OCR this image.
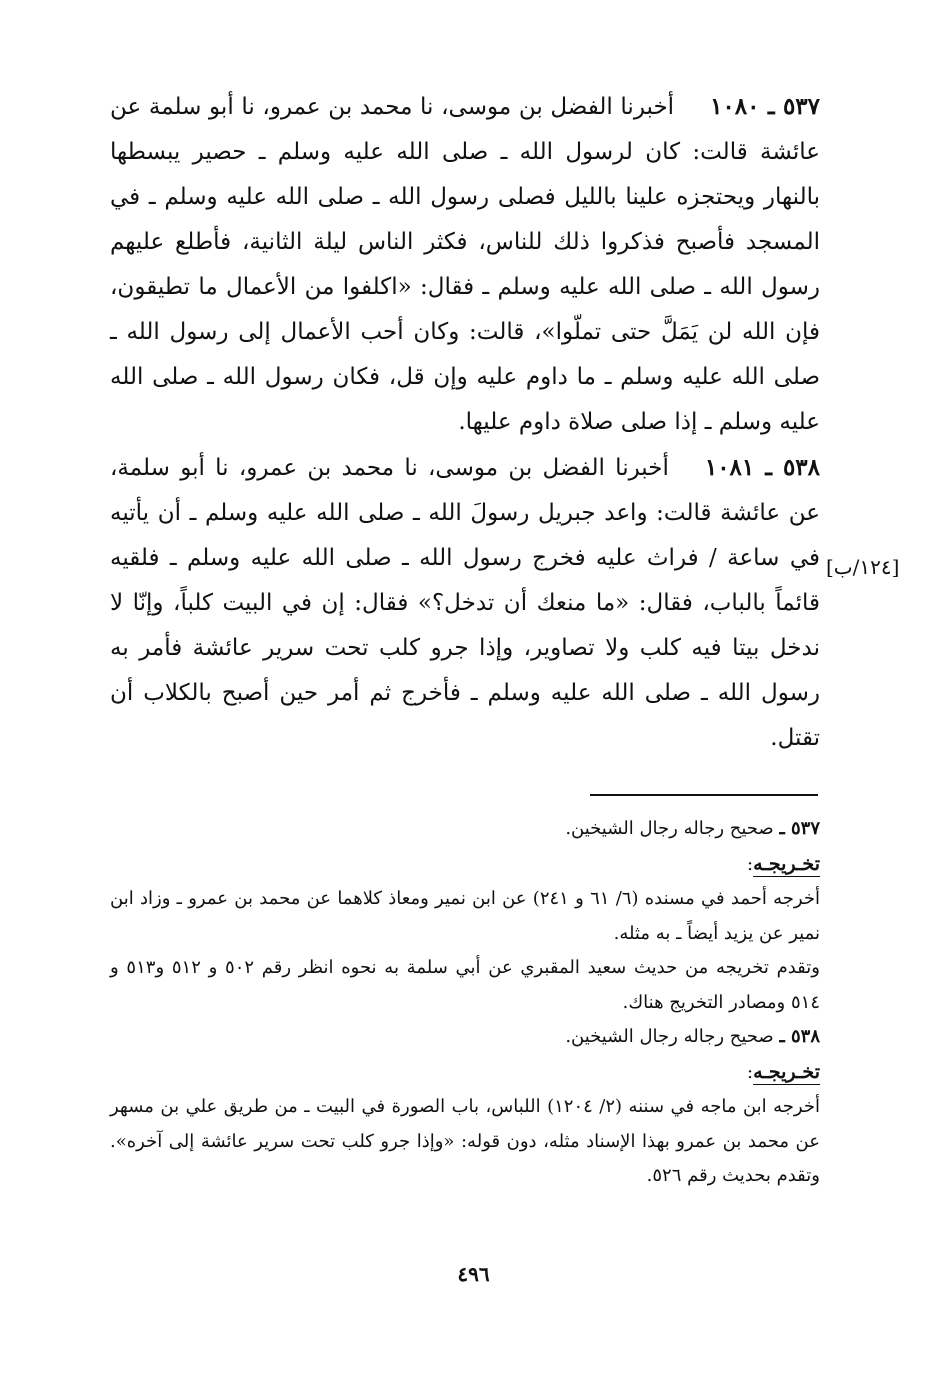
٥٣٧ ـ ١٠٨٠أخبرنا الفضل بن موسى، نا محمد بن عمرو، نا أبو سلمة عن عائشة قالت: كان لرسول الله ـ صلى الله عليه وسلم ـ حصير يبسطها بالنهار ويحتجزه علينا بالليل فصلى رسول الله ـ صلى الله عليه وسلم ـ في المسجد فأصبح فذكروا ذلك للناس، فكثر الناس ليلة الثانية، فأطلع عليهم رسول الله ـ صلى الله عليه وسلم ـ فقال: «اكلفوا من الأعمال ما تطيقون، فإن الله لن يَمَلَّ حتى تملّوا»، قالت: وكان أحب الأعمال إلى رسول الله ـ صلى الله عليه وسلم ـ ما داوم عليه وإن قل، فكان رسول الله ـ صلى الله عليه وسلم ـ إذا صلى صلاة داوم عليها.

٥٣٨ ـ ١٠٨١أخبرنا الفضل بن موسى، نا محمد بن عمرو، نا أبو سلمة، عن عائشة قالت: واعد جبريل رسولَ الله ـ صلى الله عليه وسلم ـ أن يأتيه في ساعة / فراث عليه فخرج رسول الله ـ صلى الله عليه وسلم ـ فلقيه قائماً بالباب، فقال: «ما منعك أن تدخل؟» فقال: إن في البيت كلباً، وإنّا لا ندخل بيتا فيه كلب ولا تصاوير، وإذا جرو كلب تحت سرير عائشة فأمر به رسول الله ـ صلى الله عليه وسلم ـ فأخرج ثم أمر حين أصبح بالكلاب أن تقتل.

[١٢٤/ب]

٥٣٧ ـ صحيح رجاله رجال الشيخين.

تخـريجـه:

أخرجه أحمد في مسنده (٦/ ٦١ و ٢٤١) عن ابن نمير ومعاذ كلاهما عن محمد بن عمرو ـ وزاد ابن نمير عن يزيد أيضاً ـ به مثله.

وتقدم تخريجه من حديث سعيد المقبري عن أبي سلمة به نحوه انظر رقم ٥٠٢ و ٥١٢ و٥١٣ و ٥١٤ ومصادر التخريج هناك.

٥٣٨ ـ صحيح رجاله رجال الشيخين.

تخـريجـه:

أخرجه ابن ماجه في سننه (٢/ ١٢٠٤) اللباس، باب الصورة في البيت ـ من طريق علي بن مسهر عن محمد بن عمرو بهذا الإسناد مثله، دون قوله: «وإذا جرو كلب تحت سرير عائشة إلى آخره». وتقدم بحديث رقم ٥٢٦.

٤٩٦
